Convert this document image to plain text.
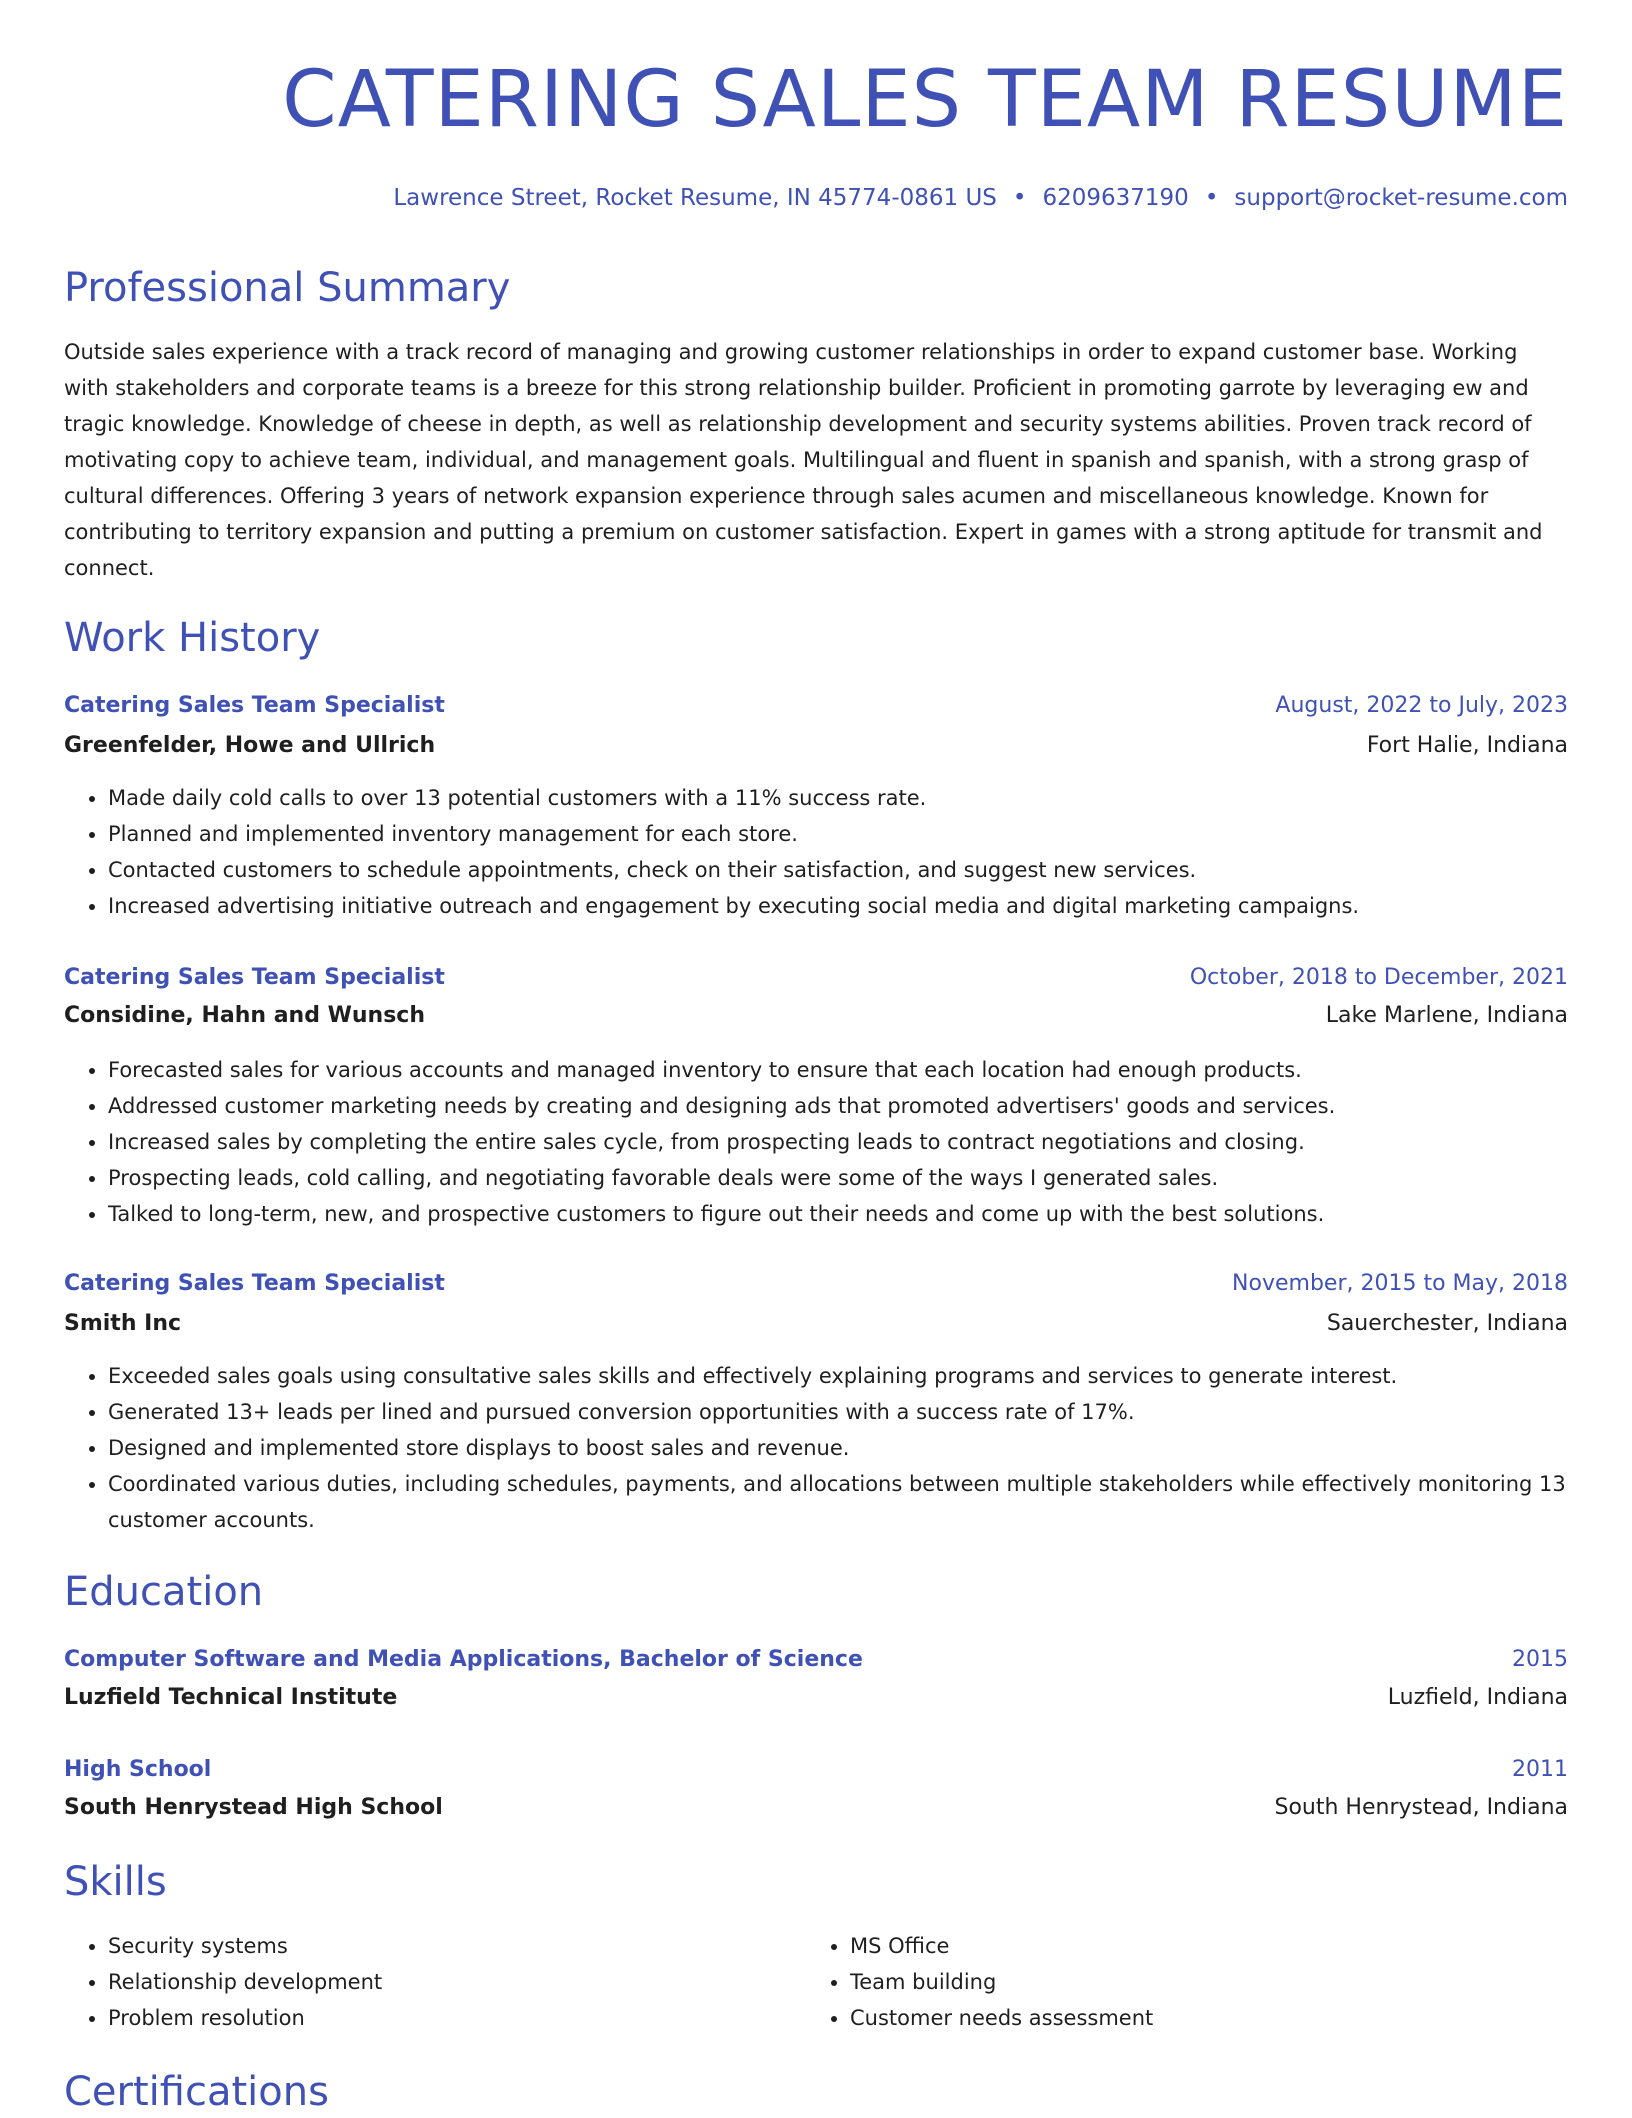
CATERING SALES TEAM RESUME
Lawrence Street, Rocket Resume, IN 45774-0861 US • 6209637190 • support@rocket-resume.com
Professional Summary
Outside sales experience with a track record of managing and growing customer relationships in order to expand customer base. Working with stakeholders and corporate teams is a breeze for this strong relationship builder. Proficient in promoting garrote by leveraging ew and tragic knowledge. Knowledge of cheese in depth, as well as relationship development and security systems abilities. Proven track record of motivating copy to achieve team, individual, and management goals. Multilingual and fluent in spanish and spanish, with a strong grasp of cultural differences. Offering 3 years of network expansion experience through sales acumen and miscellaneous knowledge. Known for contributing to territory expansion and putting a premium on customer satisfaction. Expert in games with a strong aptitude for transmit and connect.
Work History
Catering Sales Team Specialist	August, 2022 to July, 2023
Greenfelder, Howe and Ullrich	Fort Halie, Indiana
• Made daily cold calls to over 13 potential customers with a 11% success rate.
• Planned and implemented inventory management for each store.
• Contacted customers to schedule appointments, check on their satisfaction, and suggest new services.
• Increased advertising initiative outreach and engagement by executing social media and digital marketing campaigns.
Catering Sales Team Specialist	October, 2018 to December, 2021
Considine, Hahn and Wunsch	Lake Marlene, Indiana
• Forecasted sales for various accounts and managed inventory to ensure that each location had enough products.
• Addressed customer marketing needs by creating and designing ads that promoted advertisers' goods and services.
• Increased sales by completing the entire sales cycle, from prospecting leads to contract negotiations and closing.
• Prospecting leads, cold calling, and negotiating favorable deals were some of the ways I generated sales.
• Talked to long-term, new, and prospective customers to figure out their needs and come up with the best solutions.
Catering Sales Team Specialist	November, 2015 to May, 2018
Smith Inc	Sauerchester, Indiana
• Exceeded sales goals using consultative sales skills and effectively explaining programs and services to generate interest.
• Generated 13+ leads per lined and pursued conversion opportunities with a success rate of 17%.
• Designed and implemented store displays to boost sales and revenue.
• Coordinated various duties, including schedules, payments, and allocations between multiple stakeholders while effectively monitoring 13 customer accounts.
Education
Computer Software and Media Applications, Bachelor of Science	2015
Luzfield Technical Institute	Luzfield, Indiana
High School	2011
South Henrystead High School	South Henrystead, Indiana
Skills
• Security systems
• Relationship development
• Problem resolution
• MS Office
• Team building
• Customer needs assessment
Certifications
